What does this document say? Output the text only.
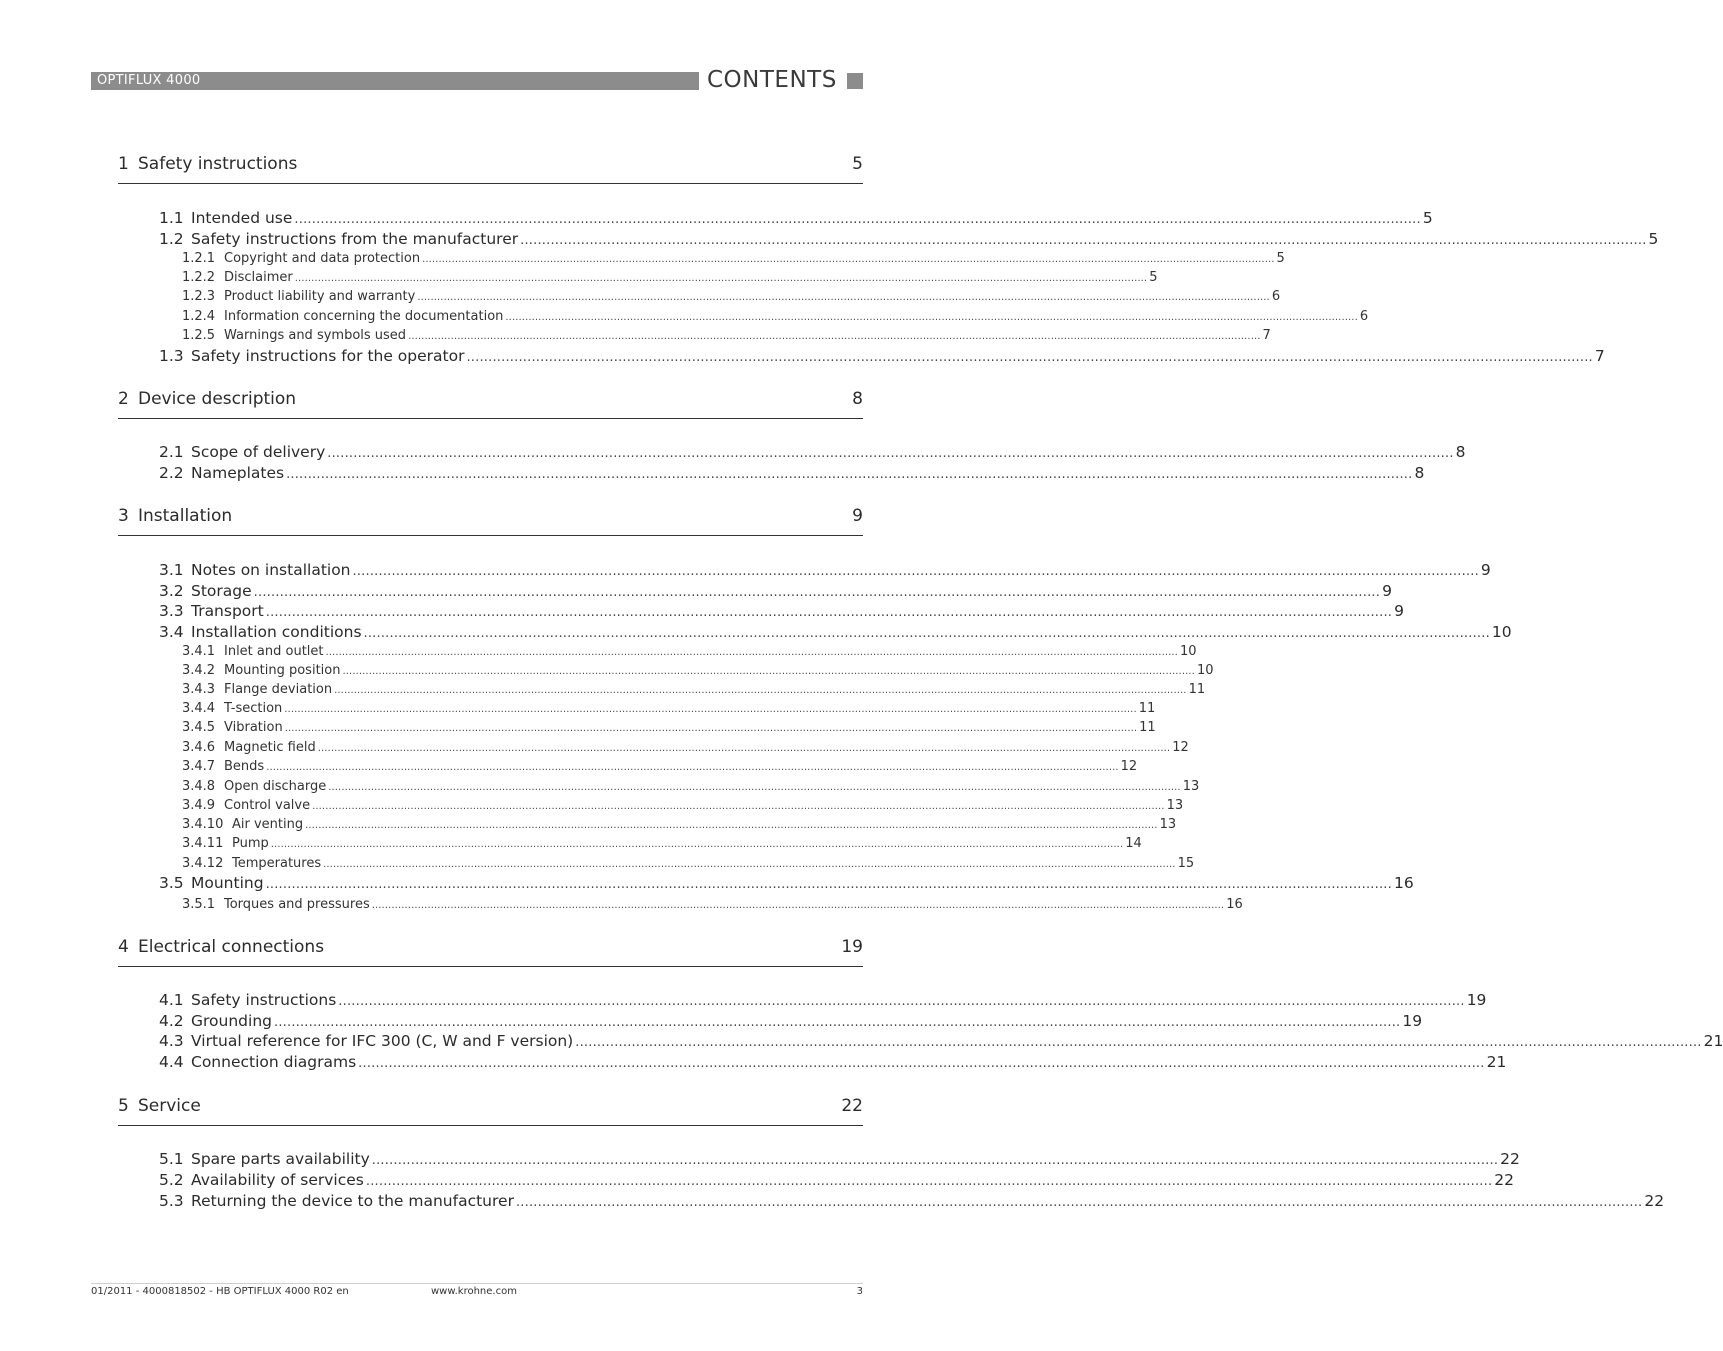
OPTIFLUX 4000	CONTENTS
1 Safety instructions	5
1.1 Intended use .................................................................................................................................................................................................................................................................... 5
1.2 Safety instructions from the manufacturer .................................................................................................................................................................................................................................................................... 5
1.2.1 Copyright and data protection .................................................................................................................................................................................................................................................................... 5
1.2.2 Disclaimer .................................................................................................................................................................................................................................................................... 5
1.2.3 Product liability and warranty .................................................................................................................................................................................................................................................................... 6
1.2.4 Information concerning the documentation .................................................................................................................................................................................................................................................................... 6
1.2.5 Warnings and symbols used .................................................................................................................................................................................................................................................................... 7
1.3 Safety instructions for the operator .................................................................................................................................................................................................................................................................... 7
2 Device description	8
2.1 Scope of delivery .................................................................................................................................................................................................................................................................... 8
2.2 Nameplates .................................................................................................................................................................................................................................................................... 8
3 Installation	9
3.1 Notes on installation .................................................................................................................................................................................................................................................................... 9
3.2 Storage .................................................................................................................................................................................................................................................................... 9
3.3 Transport .................................................................................................................................................................................................................................................................... 9
3.4 Installation conditions .................................................................................................................................................................................................................................................................... 10
3.4.1 Inlet and outlet .................................................................................................................................................................................................................................................................... 10
3.4.2 Mounting position .................................................................................................................................................................................................................................................................... 10
3.4.3 Flange deviation .................................................................................................................................................................................................................................................................... 11
3.4.4 T-section .................................................................................................................................................................................................................................................................... 11
3.4.5 Vibration .................................................................................................................................................................................................................................................................... 11
3.4.6 Magnetic field .................................................................................................................................................................................................................................................................... 12
3.4.7 Bends .................................................................................................................................................................................................................................................................... 12
3.4.8 Open discharge .................................................................................................................................................................................................................................................................... 13
3.4.9 Control valve .................................................................................................................................................................................................................................................................... 13
3.4.10 Air venting .................................................................................................................................................................................................................................................................... 13
3.4.11 Pump .................................................................................................................................................................................................................................................................... 14
3.4.12 Temperatures .................................................................................................................................................................................................................................................................... 15
3.5 Mounting .................................................................................................................................................................................................................................................................... 16
3.5.1 Torques and pressures .................................................................................................................................................................................................................................................................... 16
4 Electrical connections	19
4.1 Safety instructions .................................................................................................................................................................................................................................................................... 19
4.2 Grounding .................................................................................................................................................................................................................................................................... 19
4.3 Virtual reference for IFC 300 (C, W and F version) .................................................................................................................................................................................................................................................................... 21
4.4 Connection diagrams .................................................................................................................................................................................................................................................................... 21
5 Service	22
5.1 Spare parts availability .................................................................................................................................................................................................................................................................... 22
5.2 Availability of services .................................................................................................................................................................................................................................................................... 22
5.3 Returning the device to the manufacturer .................................................................................................................................................................................................................................................................... 22
01/2011 - 4000818502 - HB OPTIFLUX 4000 R02 en	www.krohne.com	3
